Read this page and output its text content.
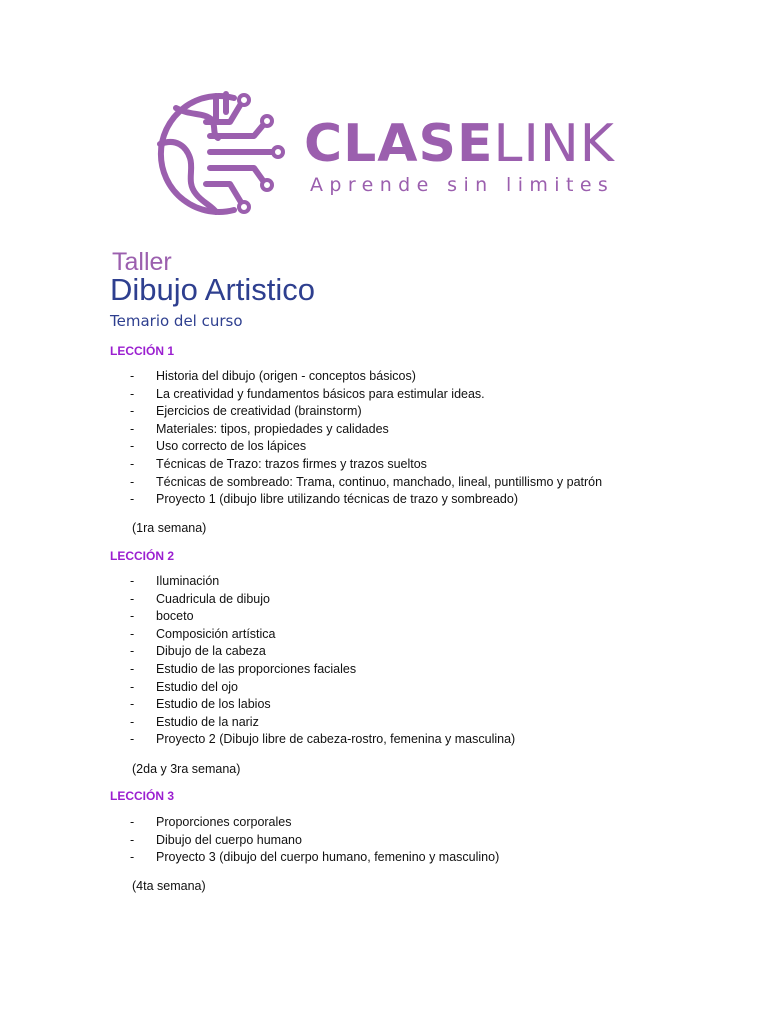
CLASELINK
Aprende sin limites
Taller
Dibujo Artistico
Temario del curso
LECCIÓN 1
- Historia del dibujo (origen - conceptos básicos)
- La creatividad y fundamentos básicos para estimular ideas.
- Ejercicios de creatividad (brainstorm)
- Materiales: tipos, propiedades y calidades
- Uso correcto de los lápices
- Técnicas de Trazo: trazos firmes y trazos sueltos
- Técnicas de sombreado: Trama, continuo, manchado, lineal, puntillismo y patrón
- Proyecto 1 (dibujo libre utilizando técnicas de trazo y sombreado)
(1ra semana)
LECCIÓN 2
- Iluminación
- Cuadricula de dibujo
- boceto
- Composición artística
- Dibujo de la cabeza
- Estudio de las proporciones faciales
- Estudio del ojo
- Estudio de los labios
- Estudio de la nariz
- Proyecto 2 (Dibujo libre de cabeza-rostro, femenina y masculina)
(2da y 3ra semana)
LECCIÓN 3
- Proporciones corporales
- Dibujo del cuerpo humano
- Proyecto 3 (dibujo del cuerpo humano, femenino y masculino)
(4ta semana)
